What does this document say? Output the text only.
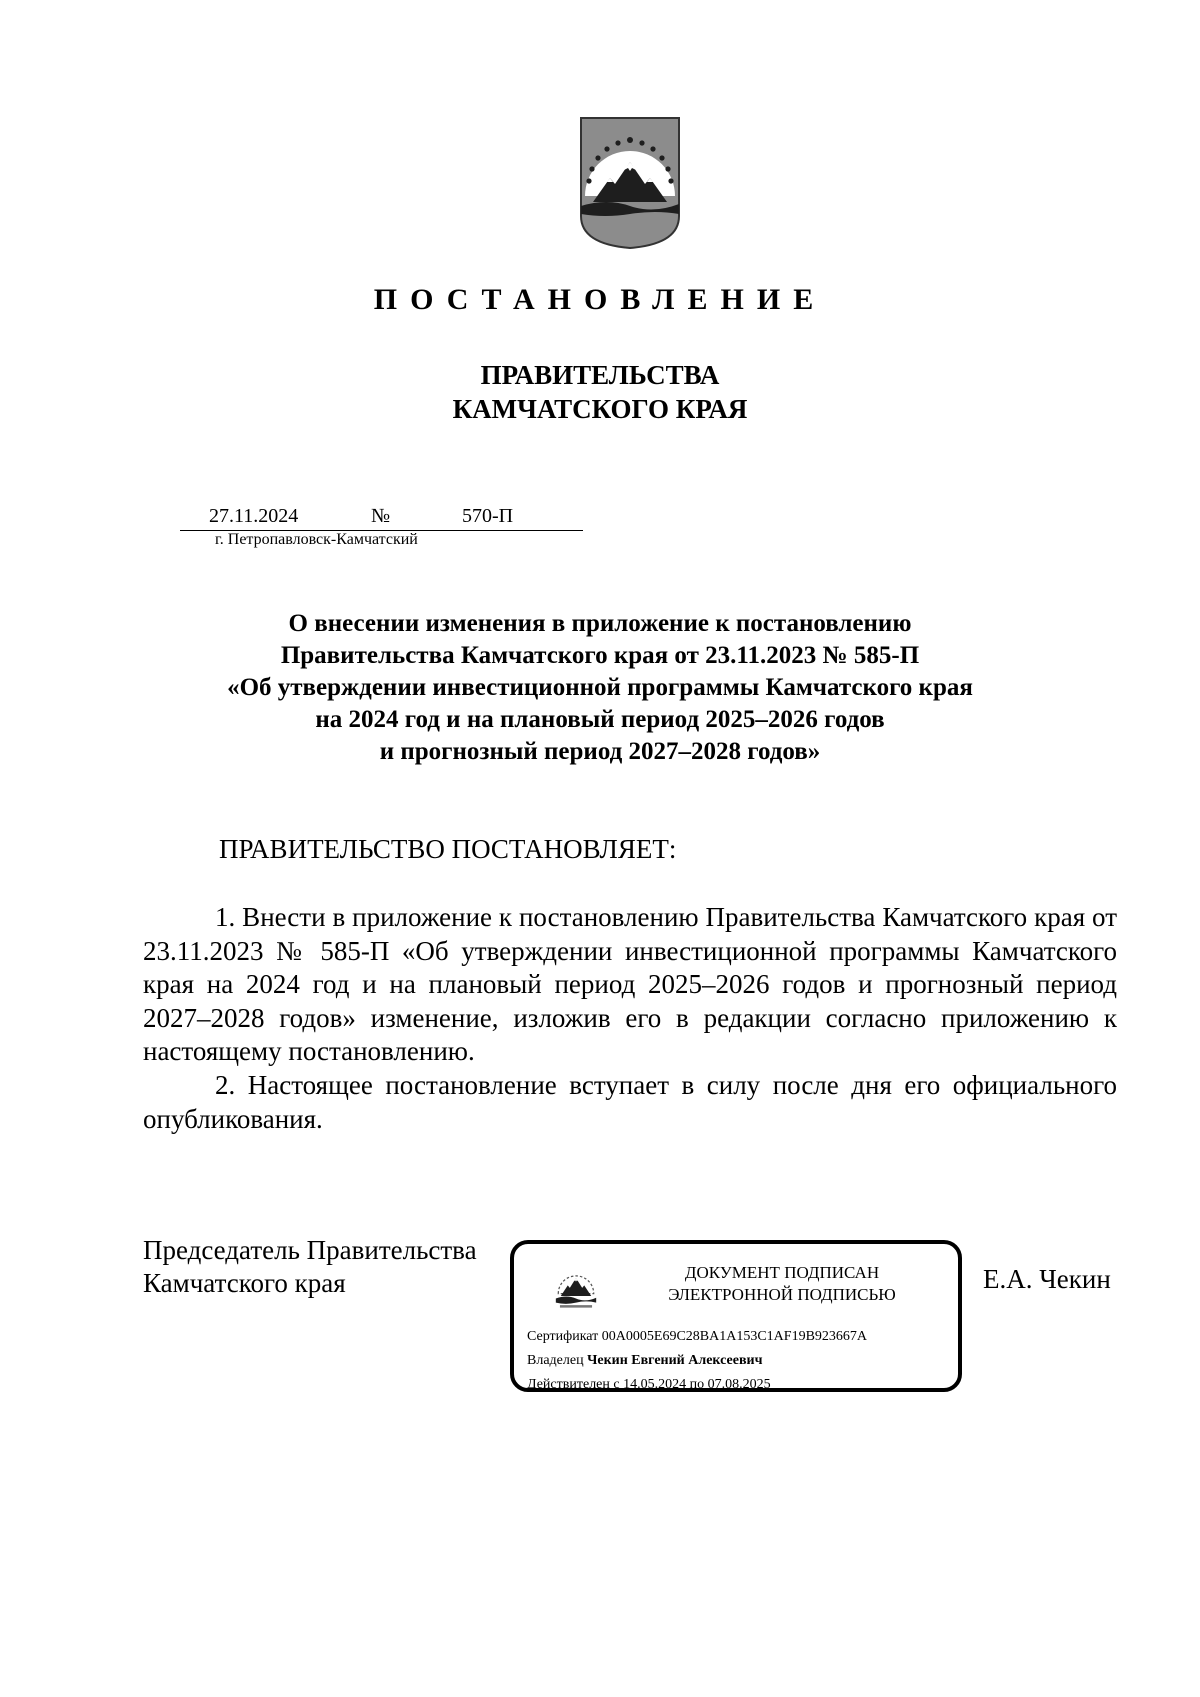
ПОСТАНОВЛЕНИЕ
ПРАВИТЕЛЬСТВА
КАМЧАТСКОГО КРАЯ
27.11.2024	№	570-П
г. Петропавловск-Камчатский
О внесении изменения в приложение к постановлению
Правительства Камчатского края от 23.11.2023 № 585-П
«Об утверждении инвестиционной программы Камчатского края
на 2024 год и на плановый период 2025–2026 годов
и прогнозный период 2027–2028 годов»
ПРАВИТЕЛЬСТВО ПОСТАНОВЛЯЕТ:

1. Внести в приложение к постановлению Правительства Камчатского края от 23.11.2023 № 585-П «Об утверждении инвестиционной программы Камчатского края на 2024 год и на плановый период 2025–2026 годов и прогнозный период 2027–2028 годов» изменение, изложив его в редакции согласно приложению к настоящему постановлению.

2. Настоящее постановление вступает в силу после дня его официального опубликования.

Председатель Правительства
Камчатского края	ДОКУМЕНТ ПОДПИСАН
ЭЛЕКТРОННОЙ ПОДПИСЬЮ
Сертификат 00A0005E69C28BA1A153C1AF19B923667A
Владелец Чекин Евгений Алексеевич
Действителен с 14.05.2024 по 07.08.2025
Е.А. Чекин
